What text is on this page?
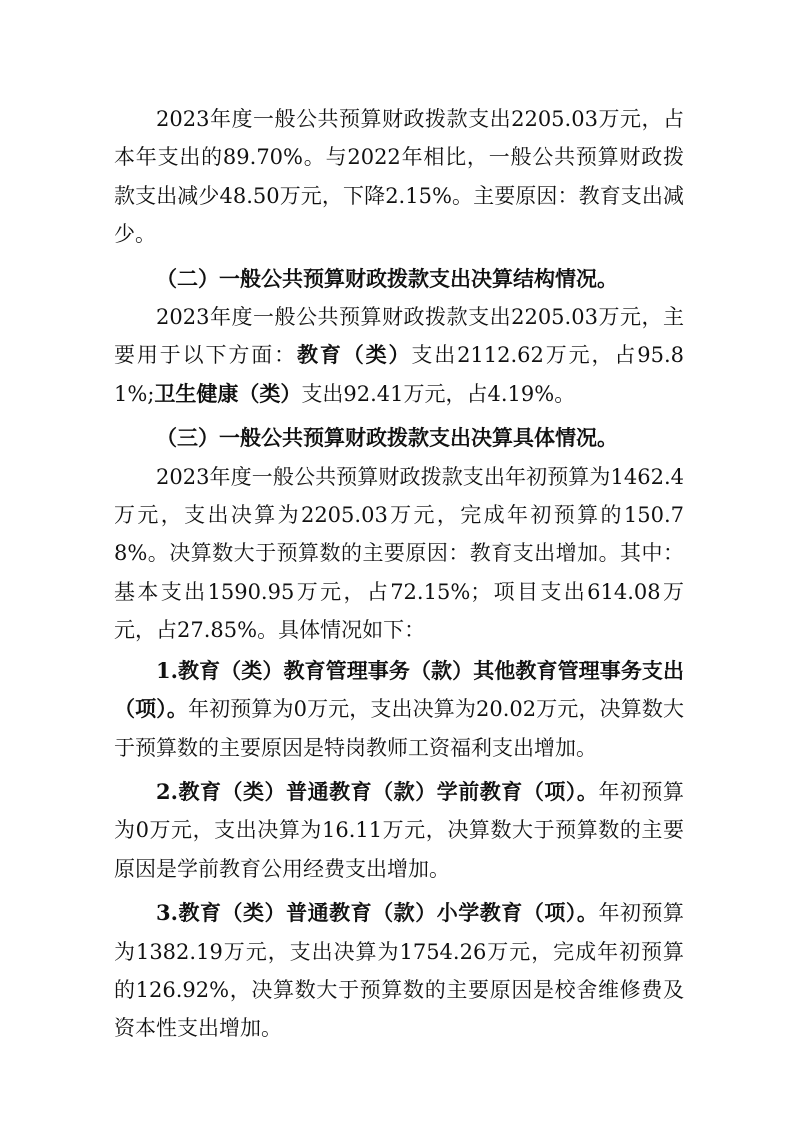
2023年度一般公共预算财政拨款支出2205.03万元，占本年支出的89.70%。与2022年相比，一般公共预算财政拨款支出减少48.50万元，下降2.15%。主要原因：教育支出减少。

（二）一般公共预算财政拨款支出决算结构情况。

2023年度一般公共预算财政拨款支出2205.03万元，主要用于以下方面：教育（类）支出2112.62万元，占95.81%;卫生健康（类）支出92.41万元，占4.19%。

（三）一般公共预算财政拨款支出决算具体情况。

2023年度一般公共预算财政拨款支出年初预算为1462.4万元，支出决算为2205.03万元，完成年初预算的150.78%。决算数大于预算数的主要原因：教育支出增加。其中：基本支出1590.95万元，占72.15%；项目支出614.08万元，占27.85%。具体情况如下：

1.教育（类）教育管理事务（款）其他教育管理事务支出（项）。年初预算为0万元，支出决算为20.02万元，决算数大于预算数的主要原因是特岗教师工资福利支出增加。

2.教育（类）普通教育（款）学前教育（项）。年初预算为0万元，支出决算为16.11万元，决算数大于预算数的主要原因是学前教育公用经费支出增加。

3.教育（类）普通教育（款）小学教育（项）。年初预算为1382.19万元，支出决算为1754.26万元，完成年初预算的126.92%，决算数大于预算数的主要原因是校舍维修费及资本性支出增加。
